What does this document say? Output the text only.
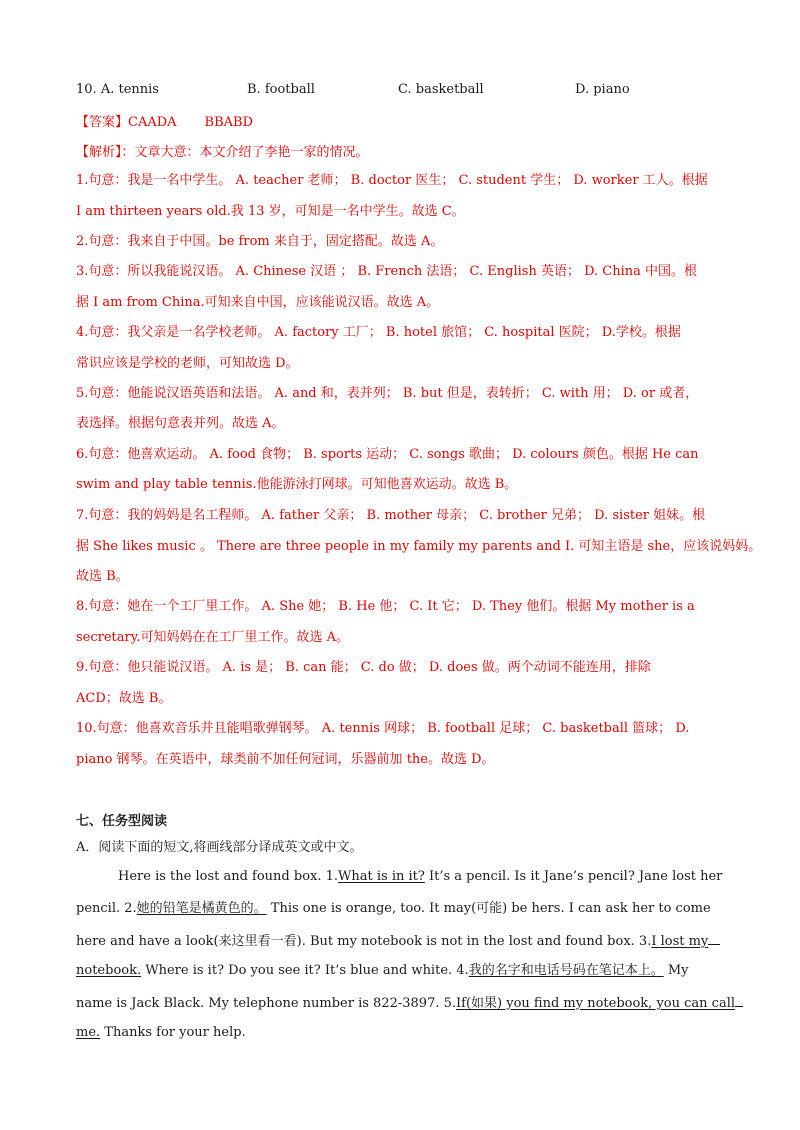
10. A. tennis	B. football	C. basketball	D. piano
【答案】CAADA BBABD
【解析】：文章大意：本文介绍了李艳一家的情况。
1.句意：我是一名中学生。 A. teacher 老师； B. doctor 医生； C. student 学生； D. worker 工人。根据
I am thirteen years old.我 13 岁，可知是一名中学生。故选 C。
2.句意：我来自于中国。be from 来自于，固定搭配。故选 A。
3.句意：所以我能说汉语。 A. Chinese 汉语 ； B. French 法语； C. English 英语； D. China 中国。根
据 I am from China.可知来自中国，应该能说汉语。故选 A。
4.句意：我父亲是一名学校老师。 A. factory 工厂； B. hotel 旅馆； C. hospital 医院； D.学校。根据
常识应该是学校的老师，可知故选 D。
5.句意：他能说汉语英语和法语。 A. and 和，表并列； B. but 但是，表转折； C. with 用； D. or 或者，
表选择。根据句意表并列。故选 A。
6.句意：他喜欢运动。 A. food 食物； B. sports 运动； C. songs 歌曲； D. colours 颜色。根据 He can
swim and play table tennis.他能游泳打网球。可知他喜欢运动。故选 B。
7.句意：我的妈妈是名工程师。 A. father 父亲； B. mother 母亲； C. brother 兄弟； D. sister 姐妹。根
据 She likes music 。 There are three people in my family my parents and I. 可知主语是 she，应该说妈妈。
故选 B。
8.句意：她在一个工厂里工作。 A. She 她； B. He 他； C. It 它； D. They 他们。根据 My mother is a
secretary.可知妈妈在在工厂里工作。故选 A。
9.句意：他只能说汉语。 A. is 是； B. can 能； C. do 做； D. does 做。两个动词不能连用，排除
ACD；故选 B。
10.句意：他喜欢音乐并且能唱歌弹钢琴。 A. tennis 网球； B. football 足球； C. basketball 篮球； D.
piano 钢琴。在英语中，球类前不加任何冠词，乐器前加 the。故选 D。
七、任务型阅读
A．阅读下面的短文,将画线部分译成英文或中文。
Here is the lost and found box. 1.What is in it? It’s a pencil. Is it Jane’s pencil? Jane lost her
pencil. 2.她的铅笔是橘黄色的。 This one is orange, too. It may(可能) be hers. I can ask her to come
here and have a look(来这里看一看). But my notebook is not in the lost and found box. 3.I lost my
notebook. Where is it? Do you see it? It’s blue and white. 4.我的名字和电话号码在笔记本上。 My
name is Jack Black. My telephone number is 822-3897. 5.If(如果) you find my notebook, you can call
me. Thanks for your help.
